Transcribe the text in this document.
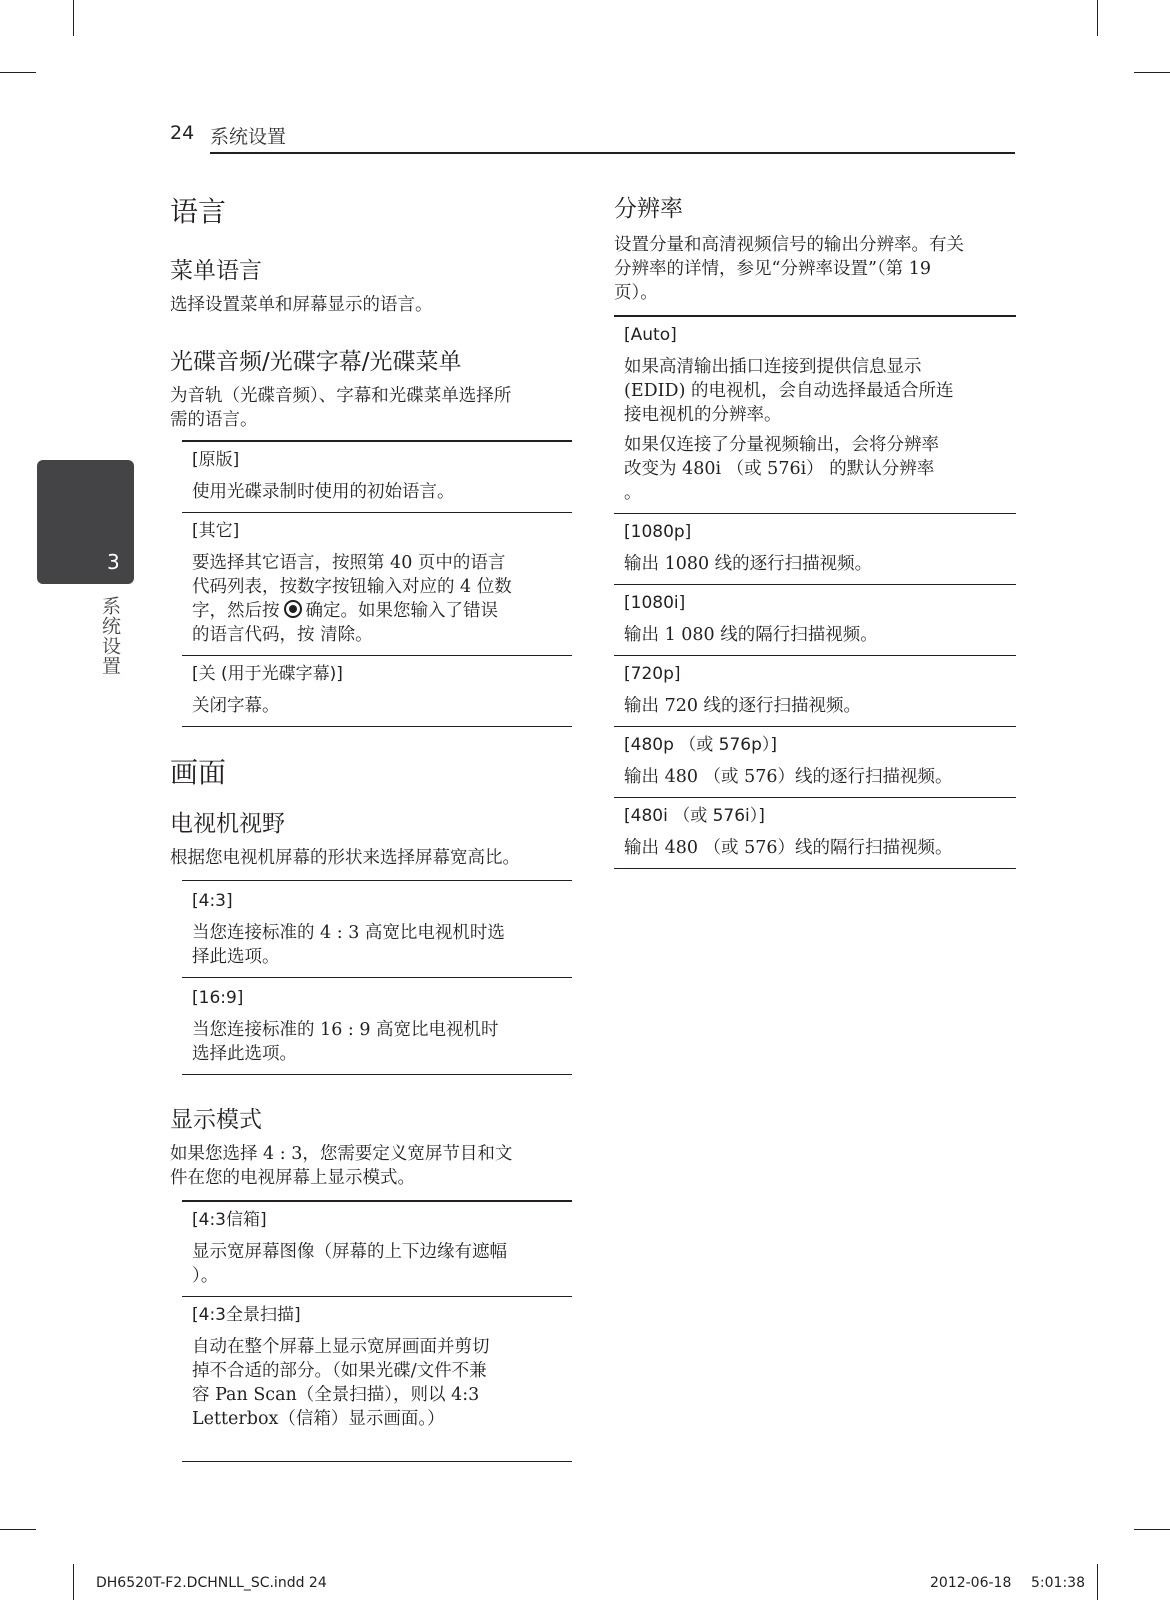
24 系统设置
3
系统设置
语言
菜单语言

选择设置菜单和屏幕显示的语言。

光碟音频/光碟字幕/光碟菜单

为音轨（光碟音频）、字幕和光碟菜单选择所
需的语言。

[原版]
使用光碟录制时使用的初始语言。
[其它]
要选择其它语言，按照第 40 页中的语言
代码列表，按数字按钮输入对应的 4 位数
字，然后按 确定。如果您输入了错误
的语言代码，按 清除。
[关 (用于光碟字幕)]
关闭字幕。
画面
电视机视野

根据您电视机屏幕的形状来选择屏幕宽高比。

[4:3]
当您连接标准的 4 : 3 高宽比电视机时选
择此选项。
[16:9]
当您连接标准的 16 : 9 高宽比电视机时
选择此选项。
显示模式

如果您选择 4 : 3，您需要定义宽屏节目和文
件在您的电视屏幕上显示模式。

[4:3信箱]
显示宽屏幕图像（屏幕的上下边缘有遮幅
）。
[4:3全景扫描]
自动在整个屏幕上显示宽屏画面并剪切
掉不合适的部分。（如果光碟/文件不兼
容 Pan Scan（全景扫描），则以 4:3
Letterbox（信箱）显示画面。）
分辨率

设置分量和高清视频信号的输出分辨率。有关
分辨率的详情，参见“分辨率设置”（第 19
页）。

[Auto]
如果高清输出插口连接到提供信息显示
(EDID) 的电视机，会自动选择最适合所连
接电视机的分辨率。
如果仅连接了分量视频输出，会将分辨率
改变为 480i （或 576i） 的默认分辨率
。
[1080p]
输出 1080 线的逐行扫描视频。
[1080i]
输出 1 080 线的隔行扫描视频。
[720p]
输出 720 线的逐行扫描视频。
[480p （或 576p）]
输出 480 （或 576）线的逐行扫描视频。
[480i （或 576i）]
输出 480 （或 576）线的隔行扫描视频。
DH6520T-F2.DCHNLL_SC.indd 24	2012-06-18 5:01:38
